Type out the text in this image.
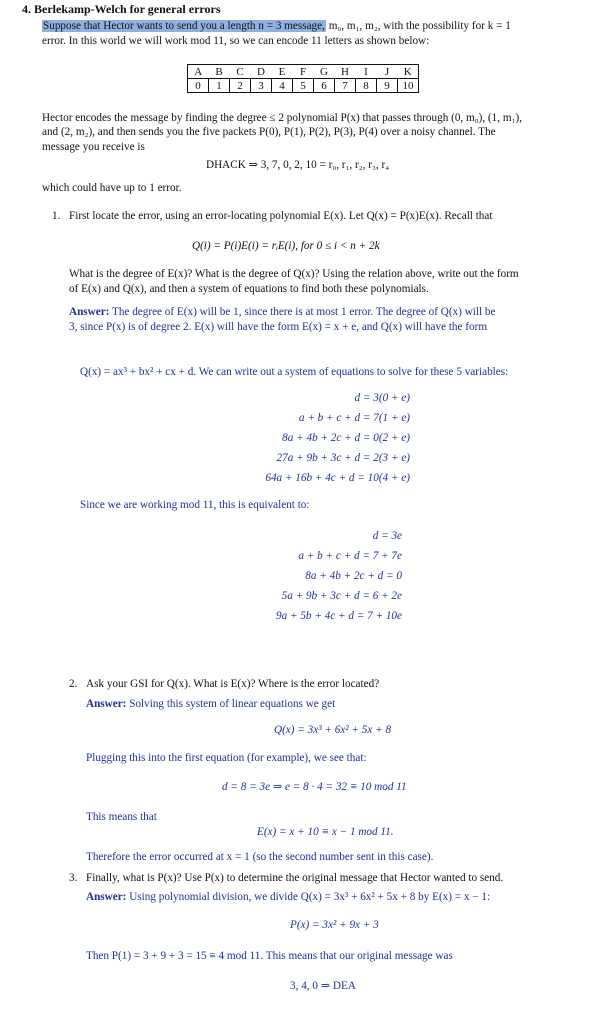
4. Berlekamp-Welch for general errors
Suppose that Hector wants to send you a length n = 3 message, m₀, m₁, m₂, with the possibility for k = 1
error. In this world we will work mod 11, so we can encode 11 letters as shown below:
A	B	C	D	E	F	G	H	I	J	K
0	1	2	3	4	5	6	7	8	9	10
Hector encodes the message by finding the degree ≤ 2 polynomial P(x) that passes through (0, m₀), (1, m₁),
and (2, m₂), and then sends you the five packets P(0), P(1), P(2), P(3), P(4) over a noisy channel. The
message you receive is
DHACK ⇒ 3, 7, 0, 2, 10 = r₀, r₁, r₂, r₃, r₄
which could have up to 1 error.
1. First locate the error, using an error-locating polynomial E(x). Let Q(x) = P(x)E(x). Recall that
Q(i) = P(i)E(i) = rᵢE(i), for 0 ≤ i < n + 2k
What is the degree of E(x)? What is the degree of Q(x)? Using the relation above, write out the form
of E(x) and Q(x), and then a system of equations to find both these polynomials.
Answer: The degree of E(x) will be 1, since there is at most 1 error. The degree of Q(x) will be
3, since P(x) is of degree 2. E(x) will have the form E(x) = x + e, and Q(x) will have the form
Q(x) = ax³ + bx² + cx + d. We can write out a system of equations to solve for these 5 variables:
d = 3(0 + e)
a + b + c + d = 7(1 + e)
8a + 4b + 2c + d = 0(2 + e)
27a + 9b + 3c + d = 2(3 + e)
64a + 16b + 4c + d = 10(4 + e)
Since we are working mod 11, this is equivalent to:
d = 3e
a + b + c + d = 7 + 7e
8a + 4b + 2c + d = 0
5a + 9b + 3c + d = 6 + 2e
9a + 5b + 4c + d = 7 + 10e
2. Ask your GSI for Q(x). What is E(x)? Where is the error located?
Answer: Solving this system of linear equations we get
Q(x) = 3x³ + 6x² + 5x + 8
Plugging this into the first equation (for example), we see that:
d = 8 = 3e ⇒ e = 8 · 4 = 32 ≡ 10 mod 11
This means that
E(x) = x + 10 ≡ x − 1 mod 11.
Therefore the error occurred at x = 1 (so the second number sent in this case).
3. Finally, what is P(x)? Use P(x) to determine the original message that Hector wanted to send.
Answer: Using polynomial division, we divide Q(x) = 3x³ + 6x² + 5x + 8 by E(x) = x − 1:
P(x) = 3x² + 9x + 3
Then P(1) = 3 + 9 + 3 = 15 ≡ 4 mod 11. This means that our original message was
3, 4, 0 ⇒ DEA
